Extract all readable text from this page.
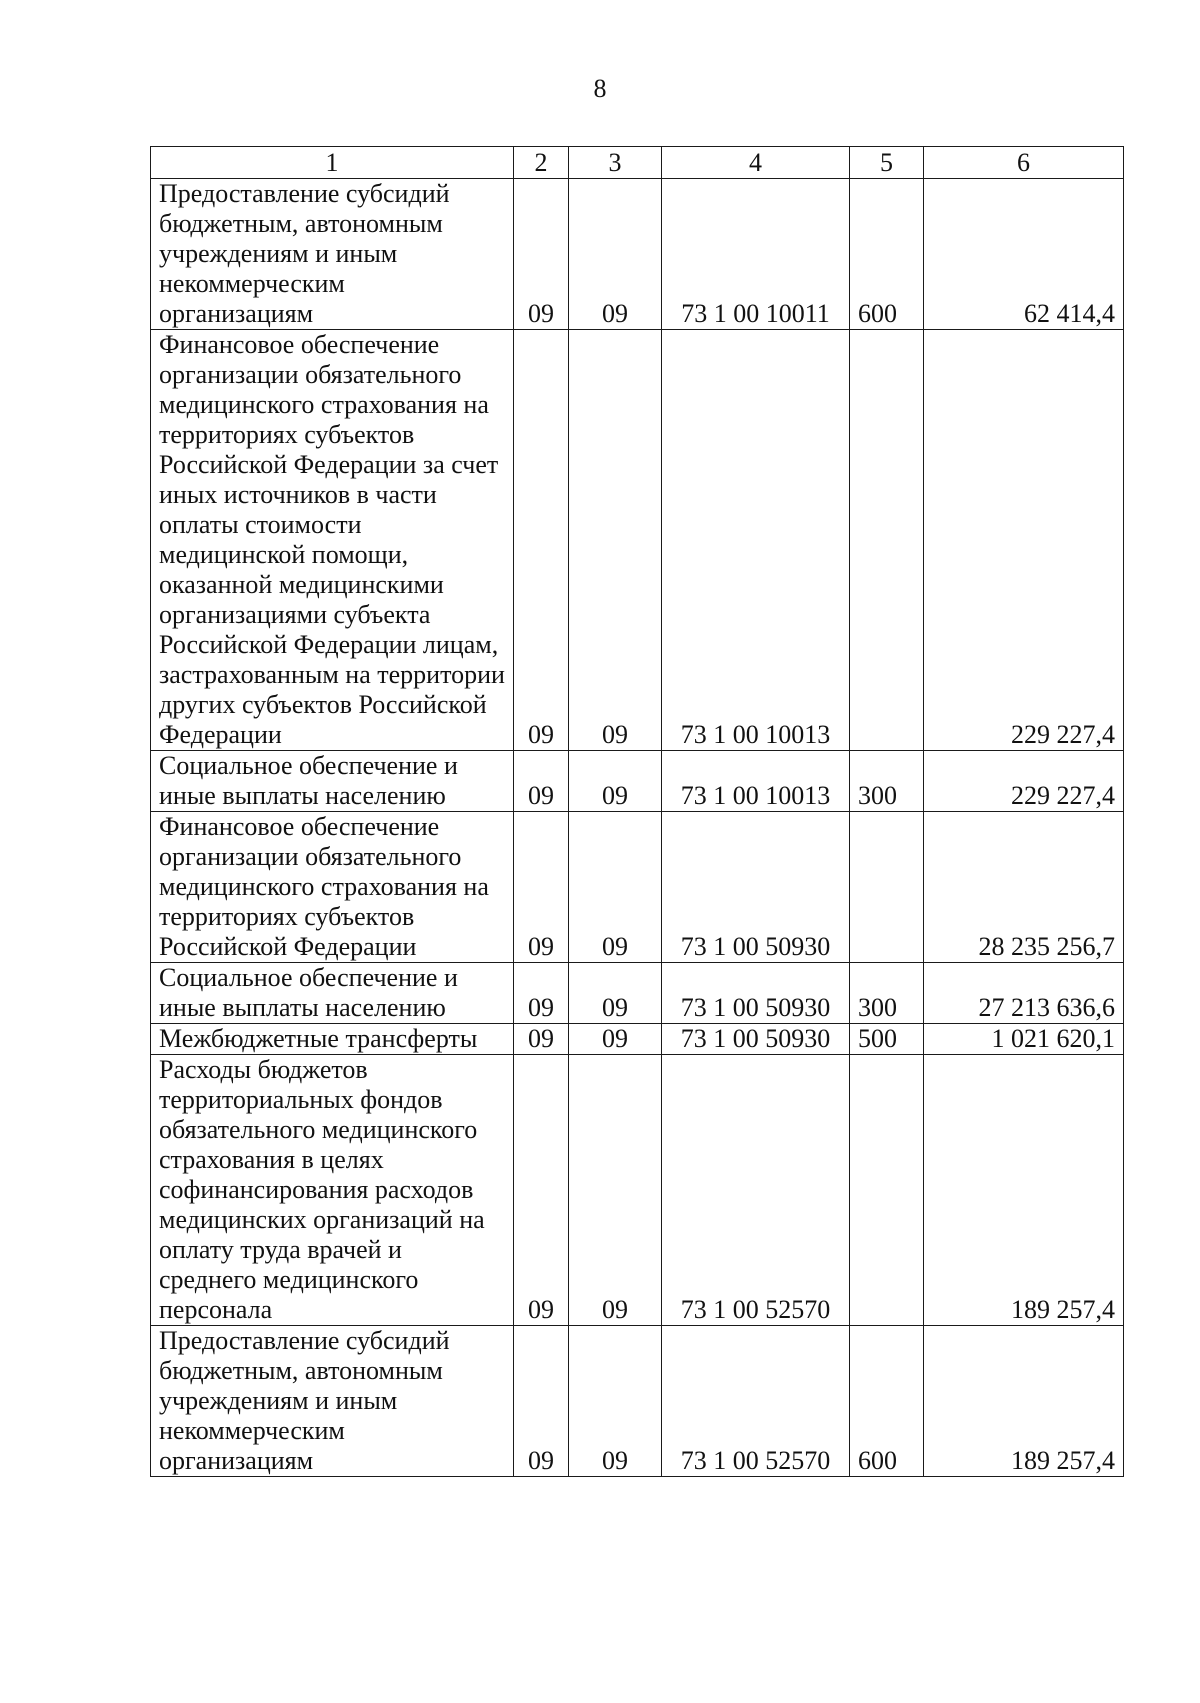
8
1	2	3	4	5	6
Предоставление субсидий бюджетным, автономным учреждениям и иным некоммерческим организациям	09	09	73 1 00 10011	600	62 414,4
Финансовое обеспечение организации обязательного медицинского страхования на территориях субъектов Российской Федерации за счет иных источников в части оплаты стоимости медицинской помощи, оказанной медицинскими организациями субъекта Российской Федерации лицам, застрахованным на территории других субъектов Российской Федерации	09	09	73 1 00 10013		229 227,4
Социальное обеспечение и иные выплаты населению	09	09	73 1 00 10013	300	229 227,4
Финансовое обеспечение организации обязательного медицинского страхования на территориях субъектов Российской Федерации	09	09	73 1 00 50930		28 235 256,7
Социальное обеспечение и иные выплаты населению	09	09	73 1 00 50930	300	27 213 636,6
Межбюджетные трансферты	09	09	73 1 00 50930	500	1 021 620,1
Расходы бюджетов территориальных фондов обязательного медицинского страхования в целях софинансирования расходов медицинских организаций на оплату труда врачей и среднего медицинского персонала	09	09	73 1 00 52570		189 257,4
Предоставление субсидий бюджетным, автономным учреждениям и иным некоммерческим организациям	09	09	73 1 00 52570	600	189 257,4
